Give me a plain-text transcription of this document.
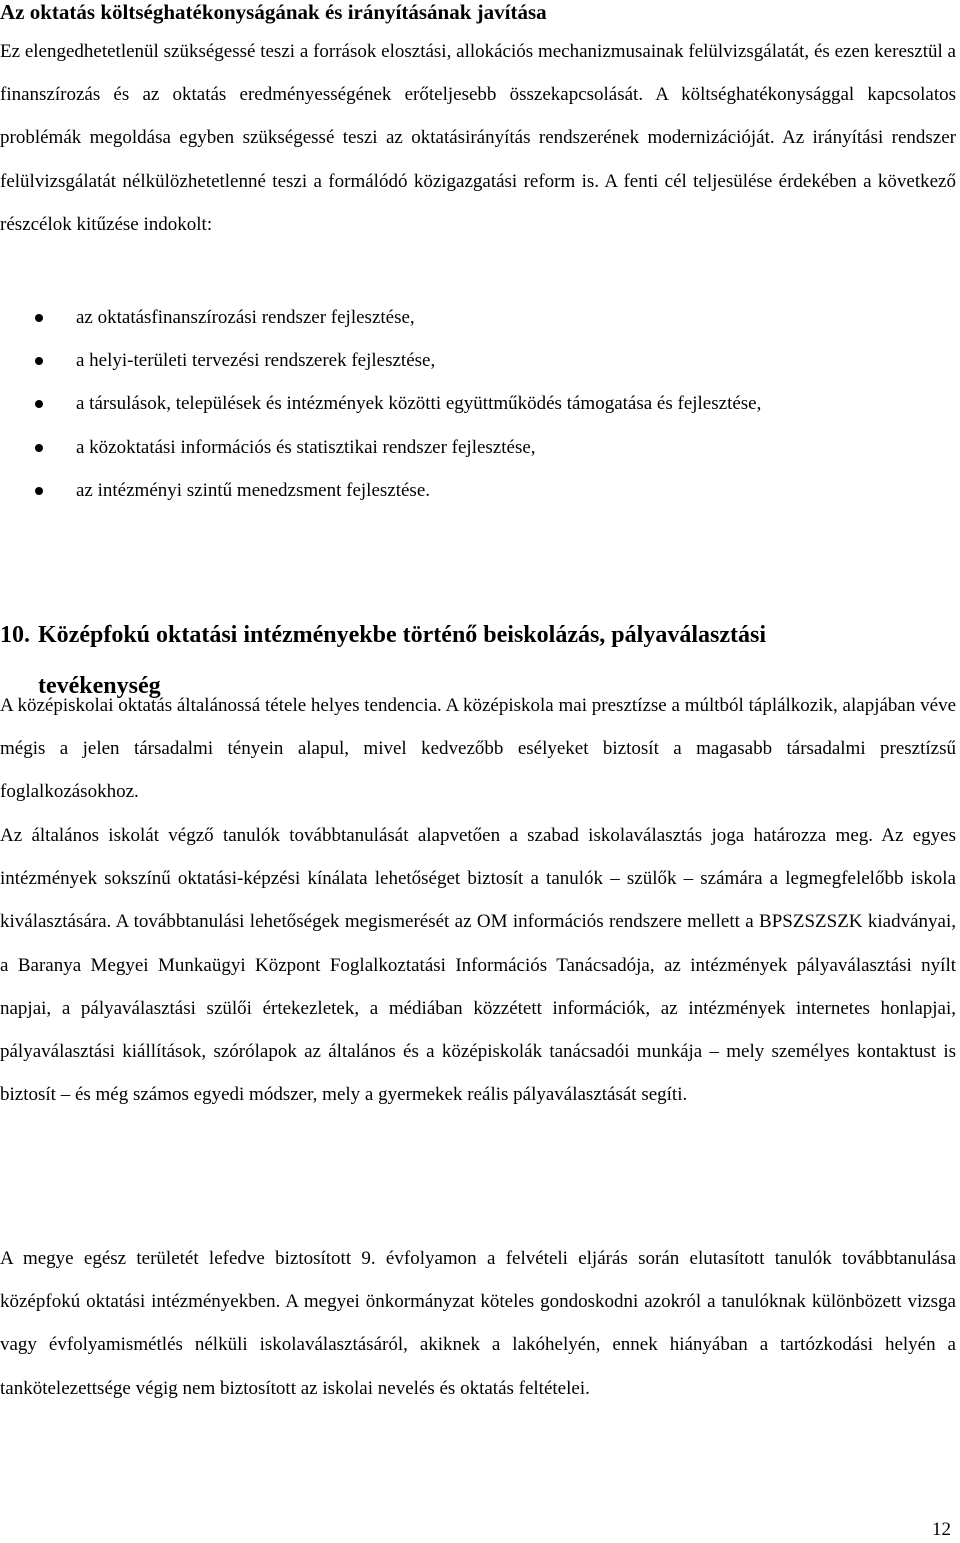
Az oktatás költséghatékonyságának és irányításának javítása

Ez elengedhetetlenül szükségessé teszi a források elosztási, allokációs mechanizmusainak felülvizsgálatát, és ezen keresztül a finanszírozás és az oktatás eredményességének erőteljesebb összekapcsolását. A költséghatékonysággal kapcsolatos problémák megoldása egyben szükségessé teszi az oktatásirányítás rendszerének modernizációját. Az irányítási rendszer felülvizsgálatát nélkülözhetetlenné teszi a formálódó közigazgatási reform is. A fenti cél teljesülése érdekében a következő részcélok kitűzése indokolt:

az oktatásfinanszírozási rendszer fejlesztése,
a helyi-területi tervezési rendszerek fejlesztése,
a társulások, települések és intézmények közötti együttműködés támogatása és fejlesztése,
a közoktatási információs és statisztikai rendszer fejlesztése,
az intézményi szintű menedzsment fejlesztése.
10. Középfokú oktatási intézményekbe történő beiskolázás, pályaválasztási
tevékenység

A középiskolai oktatás általánossá tétele helyes tendencia. A középiskola mai presztízse a múltból táplálkozik, alapjában véve mégis a jelen társadalmi tényein alapul, mivel kedvezőbb esélyeket biztosít a magasabb társadalmi presztízsű foglalkozásokhoz.

Az általános iskolát végző tanulók továbbtanulását alapvetően a szabad iskolaválasztás joga határozza meg. Az egyes intézmények sokszínű oktatási-képzési kínálata lehetőséget biztosít a tanulók – szülők – számára a legmegfelelőbb iskola kiválasztására. A továbbtanulási lehetőségek megismerését az OM információs rendszere mellett a BPSZSZSZK kiadványai, a Baranya Megyei Munkaügyi Központ Foglalkoztatási Információs Tanácsadója, az intézmények pályaválasztási nyílt napjai, a pályaválasztási szülői értekezletek, a médiában közzétett információk, az intézmények internetes honlapjai, pályaválasztási kiállítások, szórólapok az általános és a középiskolák tanácsadói munkája – mely személyes kontaktust is biztosít – és még számos egyedi módszer, mely a gyermekek reális pályaválasztását segíti.

A megye egész területét lefedve biztosított 9. évfolyamon a felvételi eljárás során elutasított tanulók továbbtanulása középfokú oktatási intézményekben. A megyei önkormányzat köteles gondoskodni azokról a tanulóknak különbözett vizsga vagy évfolyamismétlés nélküli iskolaválasztásáról, akiknek a lakóhelyén, ennek hiányában a tartózkodási helyén a tankötelezettsége végig nem biztosított az iskolai nevelés és oktatás feltételei.

12
